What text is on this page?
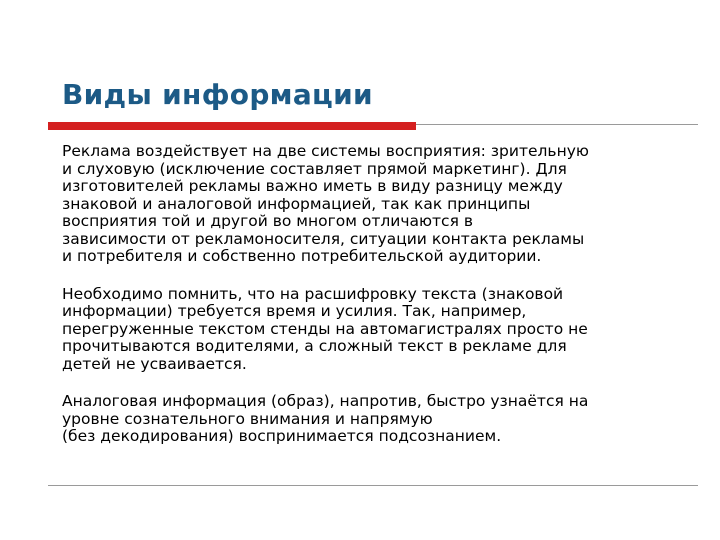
Виды информации

Реклама воздействует на две системы восприятия: зрительную
и слуховую (исключение составляет прямой маркетинг). Для
изготовителей рекламы важно иметь в виду разницу между
знаковой и аналоговой информацией, так как принципы
восприятия той и другой во многом отличаются в
зависимости от рекламоносителя, ситуации контакта рекламы
и потребителя и собственно потребительской аудитории.

Необходимо помнить, что на расшифровку текста (знаковой
информации) требуется время и усилия. Так, например,
перегруженные текстом стенды на автомагистралях просто не
прочитываются водителями, а сложный текст в рекламе для
детей не усваивается.

Аналоговая информация (образ), напротив, быстро узнаётся на
уровне сознательного внимания и напрямую
(без декодирования) воспринимается подсознанием.
